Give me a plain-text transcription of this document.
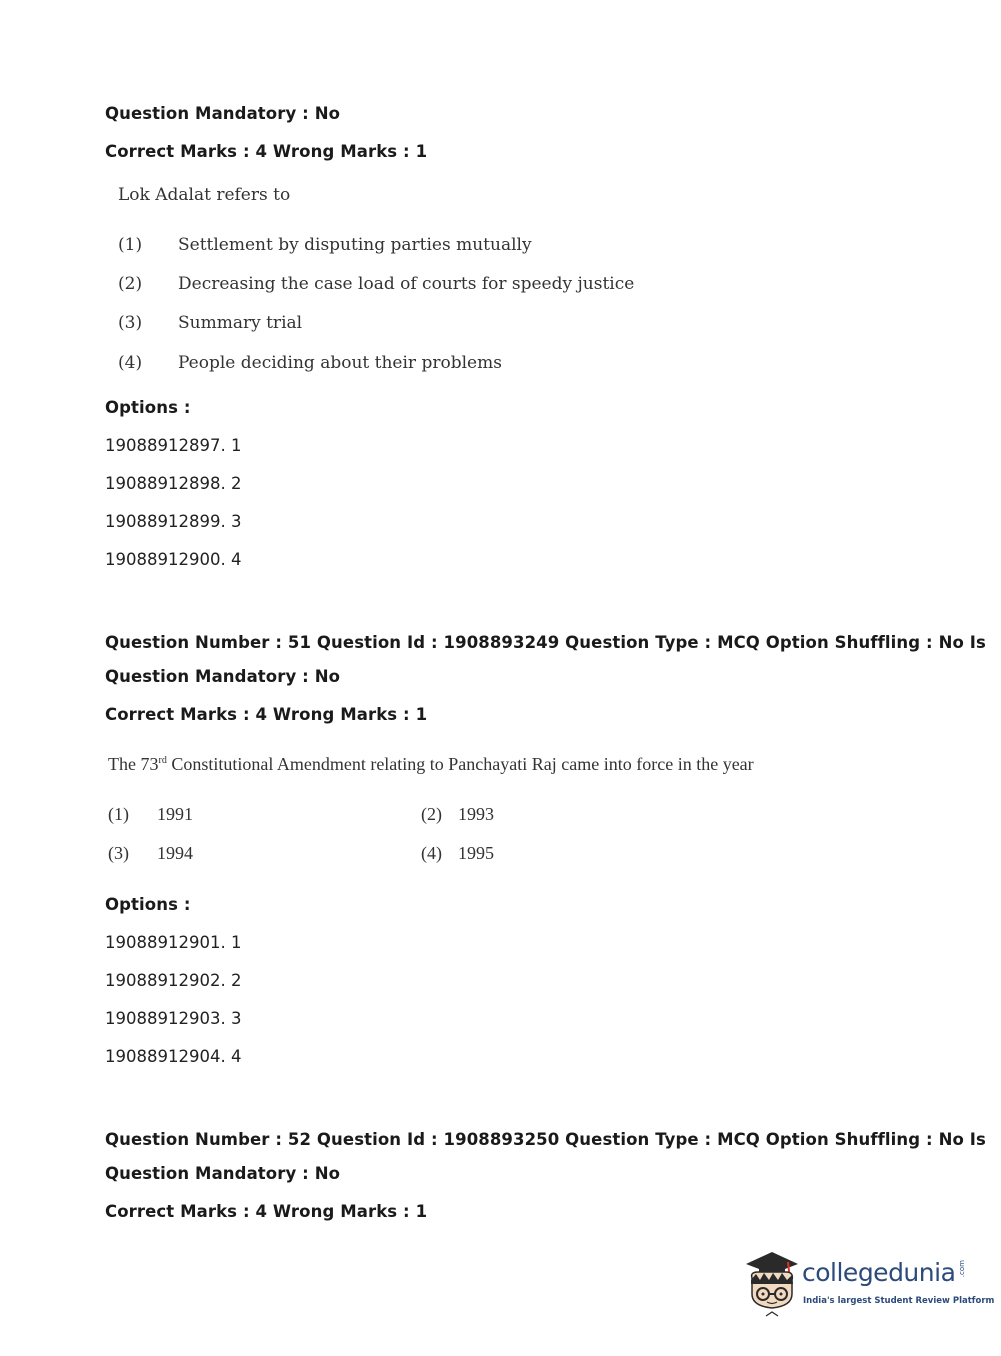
Question Mandatory : No
Correct Marks : 4 Wrong Marks : 1
Lok Adalat refers to
(1) Settlement by disputing parties mutually
(2) Decreasing the case load of courts for speedy justice
(3) Summary trial
(4) People deciding about their problems
Options :
19088912897. 1
19088912898. 2
19088912899. 3
19088912900. 4
Question Number : 51 Question Id : 1908893249 Question Type : MCQ Option Shuffling : No Is
Question Mandatory : No
Correct Marks : 4 Wrong Marks : 1
The 73rd Constitutional Amendment relating to Panchayati Raj came into force in the year
(1) 1991	(2) 1993
(3) 1994	(4) 1995
Options :
19088912901. 1
19088912902. 2
19088912903. 3
19088912904. 4
Question Number : 52 Question Id : 1908893250 Question Type : MCQ Option Shuffling : No Is
Question Mandatory : No
Correct Marks : 4 Wrong Marks : 1
collegedunia .com
India's largest Student Review Platform
